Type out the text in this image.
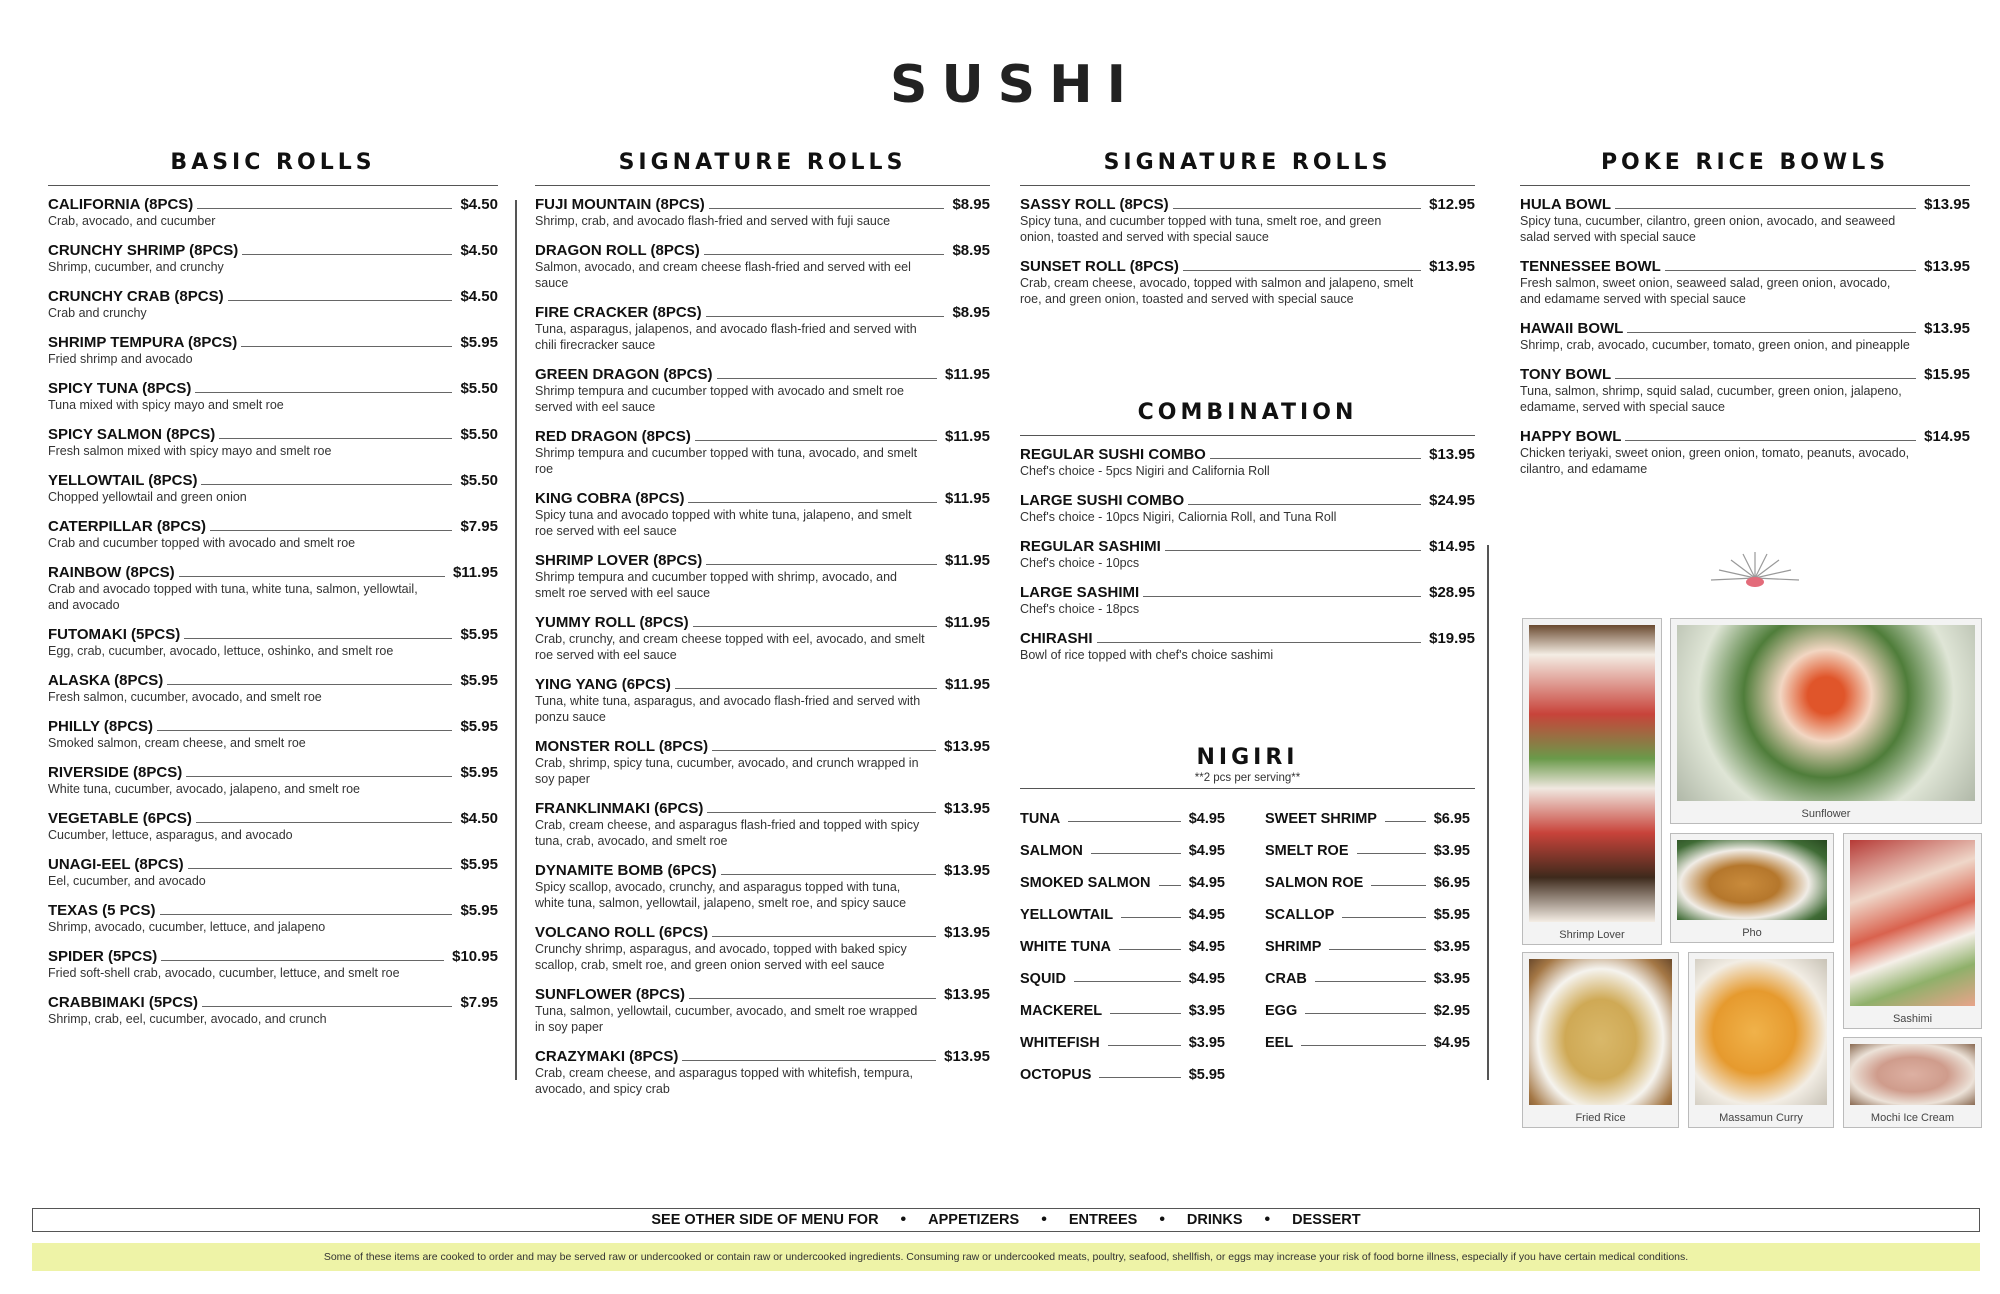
SUSHI
BASIC ROLLS
CALIFORNIA (8PCS)	$4.50
Crab, avocado, and cucumber
CRUNCHY SHRIMP (8PCS)	$4.50
Shrimp, cucumber, and crunchy
CRUNCHY CRAB (8PCS)	$4.50
Crab and crunchy
SHRIMP TEMPURA (8PCS)	$5.95
Fried shrimp and avocado
SPICY TUNA (8PCS)	$5.50
Tuna mixed with spicy mayo and smelt roe
SPICY SALMON (8PCS)	$5.50
Fresh salmon mixed with spicy mayo and smelt roe
YELLOWTAIL (8PCS)	$5.50
Chopped yellowtail and green onion
CATERPILLAR (8PCS)	$7.95
Crab and cucumber topped with avocado and smelt roe
RAINBOW (8PCS)	$11.95
Crab and avocado topped with tuna, white tuna, salmon, yellowtail, and avocado
FUTOMAKI (5PCS)	$5.95
Egg, crab, cucumber, avocado, lettuce, oshinko, and smelt roe
ALASKA (8PCS)	$5.95
Fresh salmon, cucumber, avocado, and smelt roe
PHILLY (8PCS)	$5.95
Smoked salmon, cream cheese, and smelt roe
RIVERSIDE (8PCS)	$5.95
White tuna, cucumber, avocado, jalapeno, and smelt roe
VEGETABLE (6PCS)	$4.50
Cucumber, lettuce, asparagus, and avocado
UNAGI-EEL (8PCS)	$5.95
Eel, cucumber, and avocado
TEXAS (5 PCS)	$5.95
Shrimp, avocado, cucumber, lettuce, and jalapeno
SPIDER (5PCS)	$10.95
Fried soft-shell crab, avocado, cucumber, lettuce, and smelt roe
CRABBIMAKI (5PCS)	$7.95
Shrimp, crab, eel, cucumber, avocado, and crunch
SIGNATURE ROLLS
FUJI MOUNTAIN (8PCS)	$8.95
Shrimp, crab, and avocado flash-fried and served with fuji sauce
DRAGON ROLL (8PCS)	$8.95
Salmon, avocado, and cream cheese flash-fried and served with eel sauce
FIRE CRACKER (8PCS)	$8.95
Tuna, asparagus, jalapenos, and avocado flash-fried and served with chili firecracker sauce
GREEN DRAGON (8PCS)	$11.95
Shrimp tempura and cucumber topped with avocado and smelt roe served with eel sauce
RED DRAGON (8PCS)	$11.95
Shrimp tempura and cucumber topped with tuna, avocado, and smelt roe
KING COBRA (8PCS)	$11.95
Spicy tuna and avocado topped with white tuna, jalapeno, and smelt roe served with eel sauce
SHRIMP LOVER (8PCS)	$11.95
Shrimp tempura and cucumber topped with shrimp, avocado, and smelt roe served with eel sauce
YUMMY ROLL (8PCS)	$11.95
Crab, crunchy, and cream cheese topped with eel, avocado, and smelt roe served with eel sauce
YING YANG (6PCS)	$11.95
Tuna, white tuna, asparagus, and avocado flash-fried and served with ponzu sauce
MONSTER ROLL (8PCS)	$13.95
Crab, shrimp, spicy tuna, cucumber, avocado, and crunch wrapped in soy paper
FRANKLINMAKI (6PCS)	$13.95
Crab, cream cheese, and asparagus flash-fried and topped with spicy tuna, crab, avocado, and smelt roe
DYNAMITE BOMB (6PCS)	$13.95
Spicy scallop, avocado, crunchy, and asparagus topped with tuna, white tuna, salmon, yellowtail, jalapeno, smelt roe, and spicy sauce
VOLCANO ROLL (6PCS)	$13.95
Crunchy shrimp, asparagus, and avocado, topped with baked spicy scallop, crab, smelt roe, and green onion served with eel sauce
SUNFLOWER (8PCS)	$13.95
Tuna, salmon, yellowtail, cucumber, avocado, and smelt roe wrapped in soy paper
CRAZYMAKI (8PCS)	$13.95
Crab, cream cheese, and asparagus topped with whitefish, tempura, avocado, and spicy crab
SIGNATURE ROLLS
SASSY ROLL (8PCS)	$12.95
Spicy tuna, and cucumber topped with tuna, smelt roe, and green onion, toasted and served with special sauce
SUNSET ROLL (8PCS)	$13.95
Crab, cream cheese, avocado, topped with salmon and jalapeno, smelt roe, and green onion, toasted and served with special sauce
COMBINATION
REGULAR SUSHI COMBO	$13.95
Chef's choice - 5pcs Nigiri and California Roll
LARGE SUSHI COMBO	$24.95
Chef's choice - 10pcs Nigiri, Caliornia Roll, and Tuna Roll
REGULAR SASHIMI	$14.95
Chef's choice - 10pcs
LARGE SASHIMI	$28.95
Chef's choice - 18pcs
CHIRASHI	$19.95
Bowl of rice topped with chef's choice sashimi
NIGIRI
**2 pcs per serving**
TUNA	$4.95
SALMON	$4.95
SMOKED SALMON	$4.95
YELLOWTAIL	$4.95
WHITE TUNA	$4.95
SQUID	$4.95
MACKEREL	$3.95
WHITEFISH	$3.95
OCTOPUS	$5.95
SWEET SHRIMP	$6.95
SMELT ROE	$3.95
SALMON ROE	$6.95
SCALLOP	$5.95
SHRIMP	$3.95
CRAB	$3.95
EGG	$2.95
EEL	$4.95
POKE RICE BOWLS
HULA BOWL	$13.95
Spicy tuna, cucumber, cilantro, green onion, avocado, and seaweed salad served with special sauce
TENNESSEE BOWL	$13.95
Fresh salmon, sweet onion, seaweed salad, green onion, avocado, and edamame served with special sauce
HAWAII BOWL	$13.95
Shrimp, crab, avocado, cucumber, tomato, green onion, and pineapple
TONY BOWL	$15.95
Tuna, salmon, shrimp, squid salad, cucumber, green onion, jalapeno, edamame, served with special sauce
HAPPY BOWL	$14.95
Chicken teriyaki, sweet onion, green onion, tomato, peanuts, avocado, cilantro, and edamame
Shrimp Lover
Sunflower
Pho
Sashimi
Fried Rice	Massamun Curry	Mochi Ice Cream
SEE OTHER SIDE OF MENU FOR • APPETIZERS • ENTREES • DRINKS • DESSERT
Some of these items are cooked to order and may be served raw or undercooked or contain raw or undercooked ingredients. Consuming raw or undercooked meats, poultry, seafood, shellfish, or eggs may increase your risk of food borne illness, especially if you have certain medical conditions.
